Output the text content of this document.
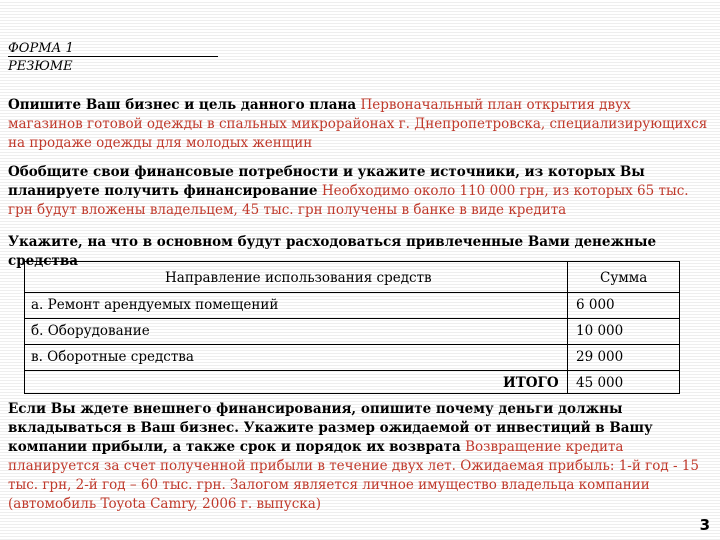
ФОРМА 1
РЕЗЮМЕ
Опишите Ваш бизнес и цель данного плана Первоначальный план открытия двух магазинов готовой одежды в спальных микрорайонах г. Днепропетровска, специализирующихся на продаже одежды для молодых женщин
Обобщите свои финансовые потребности и укажите источники, из которых Вы планируете получить финансирование Необходимо около 110 000 грн, из которых 65 тыс. грн будут вложены владельцем, 45 тыс. грн получены в банке в виде кредита
Укажите, на что в основном будут расходоваться привлеченные Вами денежные средства
Направление использования средств	Сумма
а. Ремонт арендуемых помещений	6 000
б. Оборудование	10 000
в. Оборотные средства	29 000
ИТОГО 45 000
Если Вы ждете внешнего финансирования, опишите почему деньги должны вкладываться в Ваш бизнес. Укажите размер ожидаемой от инвестиций в Вашу компании прибыли, а также срок и порядок их возврата Возвращение кредита планируется за счет полученной прибыли в течение двух лет. Ожидаемая прибыль: 1-й год - 15 тыс. грн, 2-й год – 60 тыс. грн. Залогом является личное имущество владельца компании (автомобиль Toyota Camry, 2006 г. выпуска)
3
